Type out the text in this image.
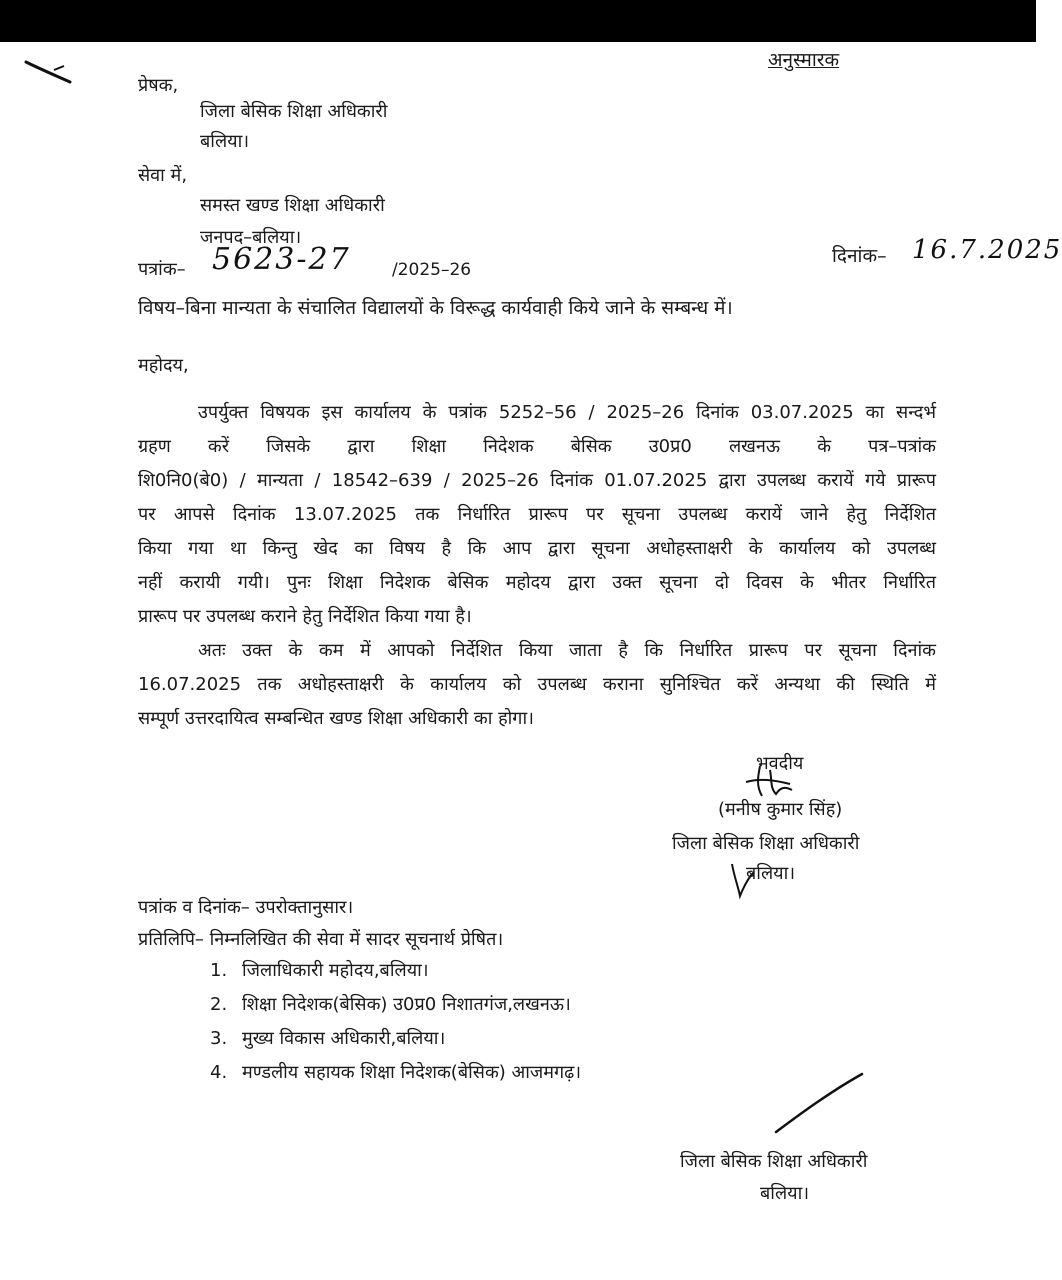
अनुस्मारक
प्रेषक,
जिला बेसिक शिक्षा अधिकारी
बलिया।
सेवा में,
समस्त खण्ड शिक्षा अधिकारी
जनपद–बलिया।
पत्रांक– 5623-27 /2025–26
दिनांक– 16.7.2025
विषय–बिना मान्यता के संचालित विद्यालयों के विरूद्ध कार्यवाही किये जाने के सम्बन्ध में।
महोदय,
उपर्युक्त विषयक इस कार्यालय के पत्रांक 5252–56 / 2025–26 दिनांक 03.07.2025 का सन्दर्भ
ग्रहण करें जिसके द्वारा शिक्षा निदेशक बेसिक उ0प्र0 लखनऊ के पत्र–पत्रांक
शि0नि0(बे0) / मान्यता / 18542–639 / 2025–26 दिनांक 01.07.2025 द्वारा उपलब्ध करायें गये प्रारूप
पर आपसे दिनांक 13.07.2025 तक निर्धारित प्रारूप पर सूचना उपलब्ध करायें जाने हेतु निर्देशित
किया गया था किन्तु खेद का विषय है कि आप द्वारा सूचना अधोहस्ताक्षरी के कार्यालय को उपलब्ध
नहीं करायी गयी। पुनः शिक्षा निदेशक बेसिक महोदय द्वारा उक्त सूचना दो दिवस के भीतर निर्धारित
प्रारूप पर उपलब्ध कराने हेतु निर्देशित किया गया है।
अतः उक्त के कम में आपको निर्देशित किया जाता है कि निर्धारित प्रारूप पर सूचना दिनांक
16.07.2025 तक अधोहस्ताक्षरी के कार्यालय को उपलब्ध कराना सुनिश्चित करें अन्यथा की स्थिति में
सम्पूर्ण उत्तरदायित्व सम्बन्धित खण्ड शिक्षा अधिकारी का होगा।
भवदीय
(मनीष कुमार सिंह)
जिला बेसिक शिक्षा अधिकारी
बलिया।
पत्रांक व दिनांक– उपरोक्तानुसार।
प्रतिलिपि– निम्नलिखित की सेवा में सादर सूचनार्थ प्रेषित।
1. जिलाधिकारी महोदय,बलिया।
2. शिक्षा निदेशक(बेसिक) उ0प्र0 निशातगंज,लखनऊ।
3. मुख्य विकास अधिकारी,बलिया।
4. मण्डलीय सहायक शिक्षा निदेशक(बेसिक) आजमगढ़।
जिला बेसिक शिक्षा अधिकारी
बलिया।
